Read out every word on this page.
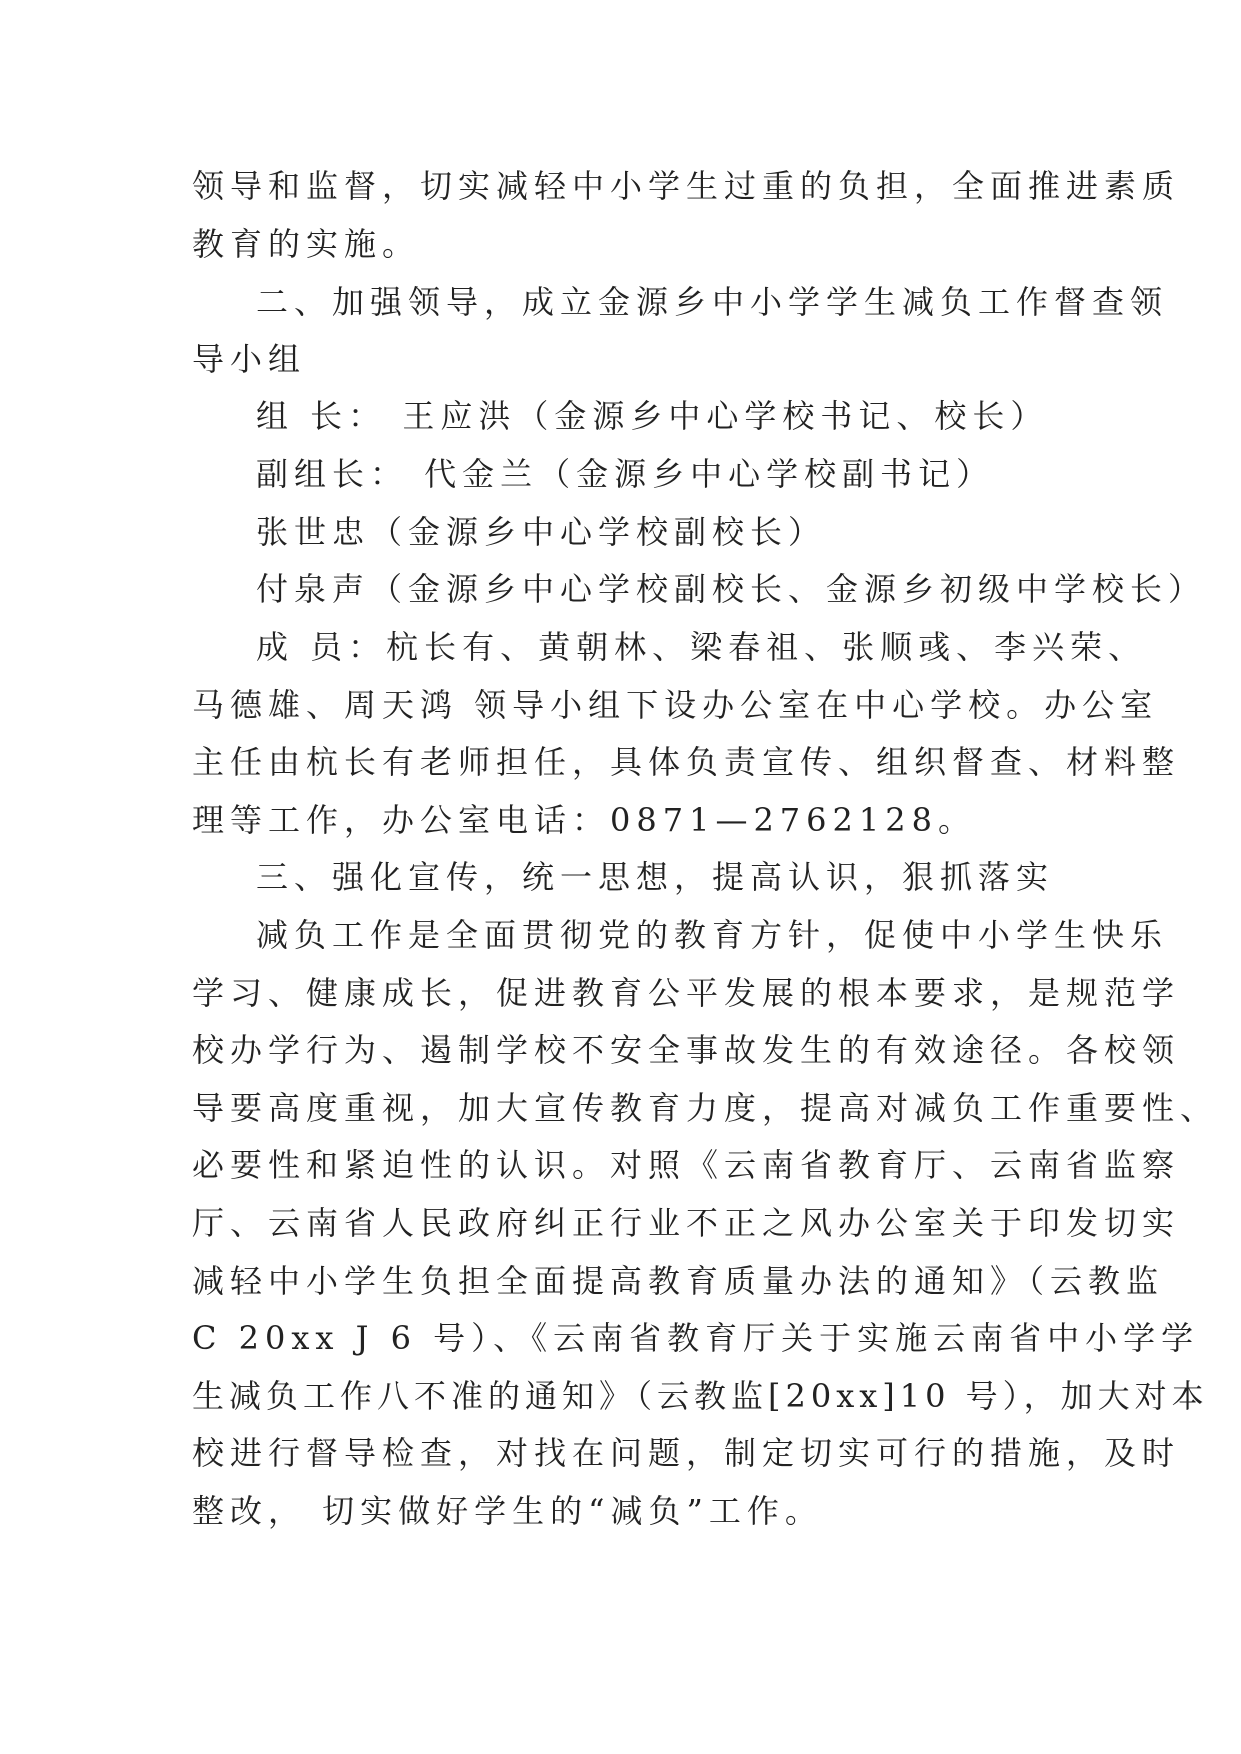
领导和监督，切实减轻中小学生过重的负担，全面推进素质
教育的实施。
二、加强领导，成立金源乡中小学学生减负工作督查领
导小组
组 长： 王应洪（金源乡中心学校书记、校长）
副组长： 代金兰（金源乡中心学校副书记）
张世忠（金源乡中心学校副校长）
付泉声（金源乡中心学校副校长、金源乡初级中学校长）
成 员：杭长有、黄朝林、梁春祖、张顺彧、李兴荣、
马德雄、周天鸿 领导小组下设办公室在中心学校。办公室
主任由杭长有老师担任，具体负责宣传、组织督查、材料整
理等工作，办公室电话：0871—2762128。
三、强化宣传，统一思想，提高认识，狠抓落实
减负工作是全面贯彻党的教育方针，促使中小学生快乐
学习、健康成长，促进教育公平发展的根本要求，是规范学
校办学行为、遏制学校不安全事故发生的有效途径。各校领
导要高度重视，加大宣传教育力度，提高对减负工作重要性、
必要性和紧迫性的认识。对照《云南省教育厅、云南省监察
厅、云南省人民政府纠正行业不正之风办公室关于印发切实
减轻中小学生负担全面提高教育质量办法的通知》（云教监
C 20xx J 6 号）、《云南省教育厅关于实施云南省中小学学
生减负工作八不准的通知》（云教监[20xx]10 号），加大对本
校进行督导检查，对找在问题，制定切实可行的措施，及时
整改， 切实做好学生的“减负”工作。
